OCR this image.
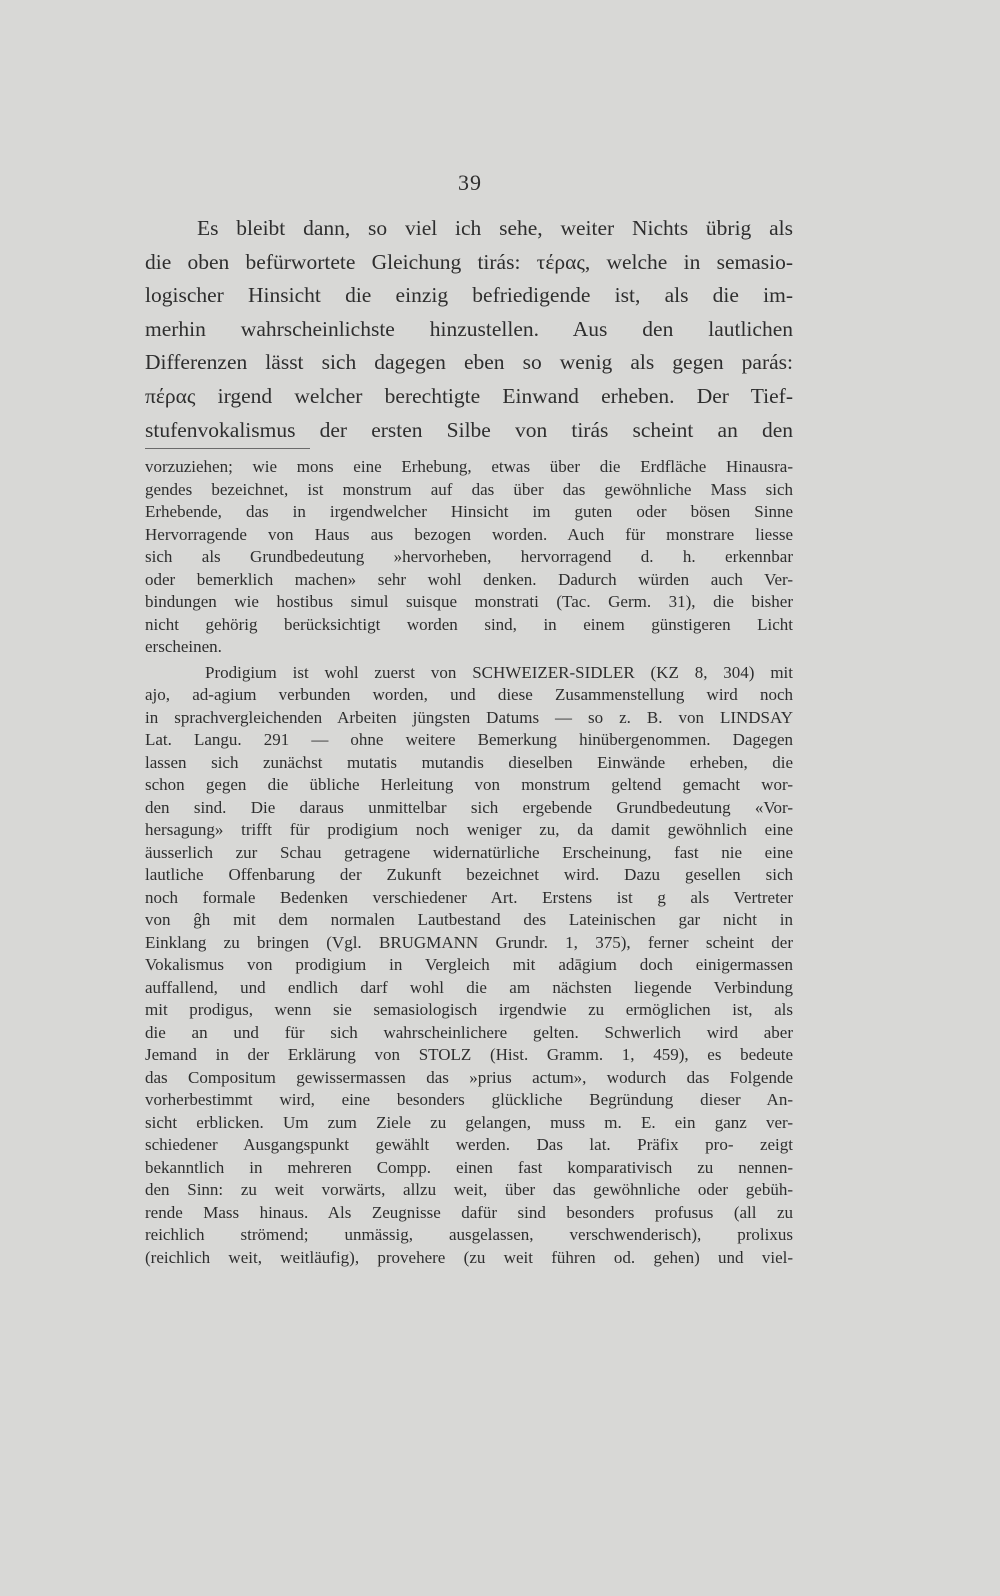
39
Es bleibt dann, so viel ich sehe, weiter Nichts übrig als
die oben befürwortete Gleichung tirás: τέρας, welche in semasio-
logischer Hinsicht die einzig befriedigende ist, als die im-
merhin wahrscheinlichste hinzustellen. Aus den lautlichen
Differenzen lässt sich dagegen eben so wenig als gegen parás:
πέρας irgend welcher berechtigte Einwand erheben. Der Tief-
stufenvokalismus der ersten Silbe von tirás scheint an den
vorzuziehen; wie mons eine Erhebung, etwas über die Erdfläche Hinausra-
gendes bezeichnet, ist monstrum auf das über das gewöhnliche Mass sich
Erhebende, das in irgendwelcher Hinsicht im guten oder bösen Sinne
Hervorragende von Haus aus bezogen worden. Auch für monstrare liesse
sich als Grundbedeutung »hervorheben, hervorragend d. h. erkennbar
oder bemerklich machen» sehr wohl denken. Dadurch würden auch Ver-
bindungen wie hostibus simul suisque monstrati (Tac. Germ. 31), die bisher
nicht gehörig berücksichtigt worden sind, in einem günstigeren Licht
erscheinen.
Prodigium ist wohl zuerst von SCHWEIZER-SIDLER (KZ 8, 304) mit
ajo, ad-agium verbunden worden, und diese Zusammenstellung wird noch
in sprachvergleichenden Arbeiten jüngsten Datums — so z. B. von LINDSAY
Lat. Langu. 291 — ohne weitere Bemerkung hinübergenommen. Dagegen
lassen sich zunächst mutatis mutandis dieselben Einwände erheben, die
schon gegen die übliche Herleitung von monstrum geltend gemacht wor-
den sind. Die daraus unmittelbar sich ergebende Grundbedeutung «Vor-
hersagung» trifft für prodigium noch weniger zu, da damit gewöhnlich eine
äusserlich zur Schau getragene widernatürliche Erscheinung, fast nie eine
lautliche Offenbarung der Zukunft bezeichnet wird. Dazu gesellen sich
noch formale Bedenken verschiedener Art. Erstens ist g als Vertreter
von ĝh mit dem normalen Lautbestand des Lateinischen gar nicht in
Einklang zu bringen (Vgl. BRUGMANN Grundr. 1, 375), ferner scheint der
Vokalismus von prodigium in Vergleich mit adāgium doch einigermassen
auffallend, und endlich darf wohl die am nächsten liegende Verbindung
mit prodigus, wenn sie semasiologisch irgendwie zu ermöglichen ist, als
die an und für sich wahrscheinlichere gelten. Schwerlich wird aber
Jemand in der Erklärung von STOLZ (Hist. Gramm. 1, 459), es bedeute
das Compositum gewissermassen das »prius actum», wodurch das Folgende
vorherbestimmt wird, eine besonders glückliche Begründung dieser An-
sicht erblicken. Um zum Ziele zu gelangen, muss m. E. ein ganz ver-
schiedener Ausgangspunkt gewählt werden. Das lat. Präfix pro- zeigt
bekanntlich in mehreren Compp. einen fast komparativisch zu nennen-
den Sinn: zu weit vorwärts, allzu weit, über das gewöhnliche oder gebüh-
rende Mass hinaus. Als Zeugnisse dafür sind besonders profusus (all zu
reichlich strömend; unmässig, ausgelassen, verschwenderisch), prolixus
(reichlich weit, weitläufig), provehere (zu weit führen od. gehen) und viel-
